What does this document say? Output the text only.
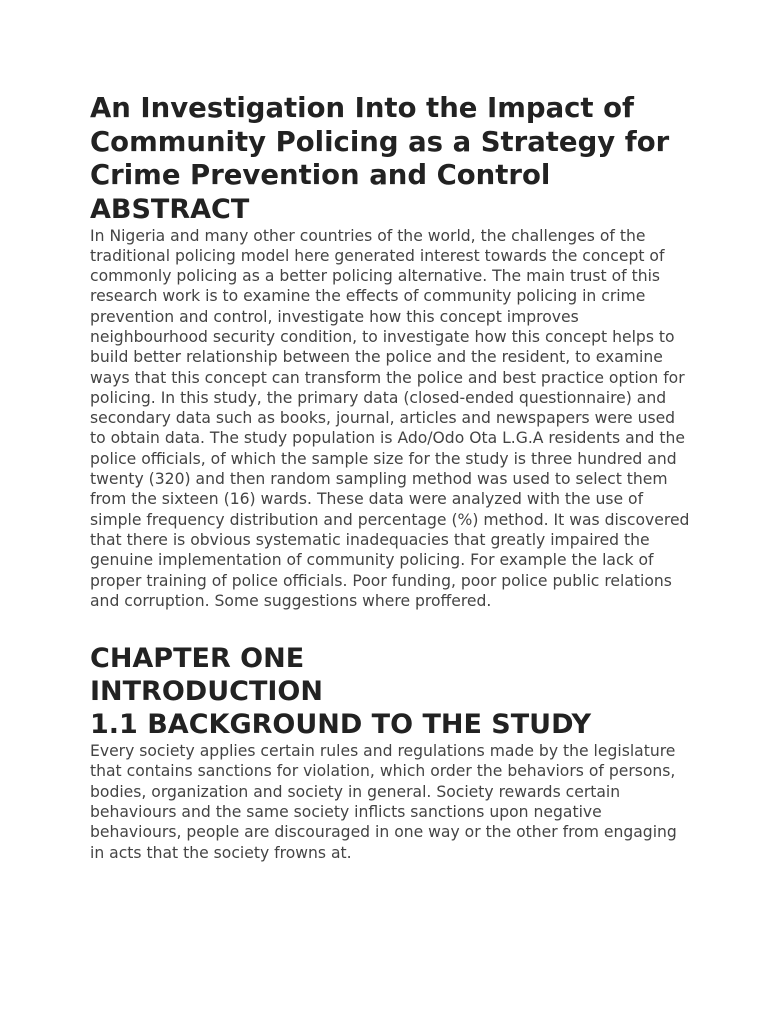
An Investigation Into the Impact of Community Policing as a Strategy for Crime Prevention and Control
ABSTRACT

In Nigeria and many other countries of the world, the challenges of the traditional policing model here generated interest towards the concept of commonly policing as a better policing alternative. The main trust of this research work is to examine the effects of community policing in crime prevention and control, investigate how this concept improves neighbourhood security condition, to investigate how this concept helps to build better relationship between the police and the resident, to examine ways that this concept can transform the police and best practice option for policing. In this study, the primary data (closed-ended questionnaire) and secondary data such as books, journal, articles and newspapers were used to obtain data. The study population is Ado/Odo Ota L.G.A residents and the police officials, of which the sample size for the study is three hundred and twenty (320) and then random sampling method was used to select them from the sixteen (16) wards. These data were analyzed with the use of simple frequency distribution and percentage (%) method. It was discovered that there is obvious systematic inadequacies that greatly impaired the genuine implementation of community policing. For example the lack of proper training of police officials. Poor funding, poor police public relations and corruption. Some suggestions where proffered.

CHAPTER ONE
INTRODUCTION
1.1 BACKGROUND TO THE STUDY

Every society applies certain rules and regulations made by the legislature that contains sanctions for violation, which order the behaviors of persons, bodies, organization and society in general. Society rewards certain behaviours and the same society inflicts sanctions upon negative behaviours, people are discouraged in one way or the other from engaging in acts that the society frowns at.
